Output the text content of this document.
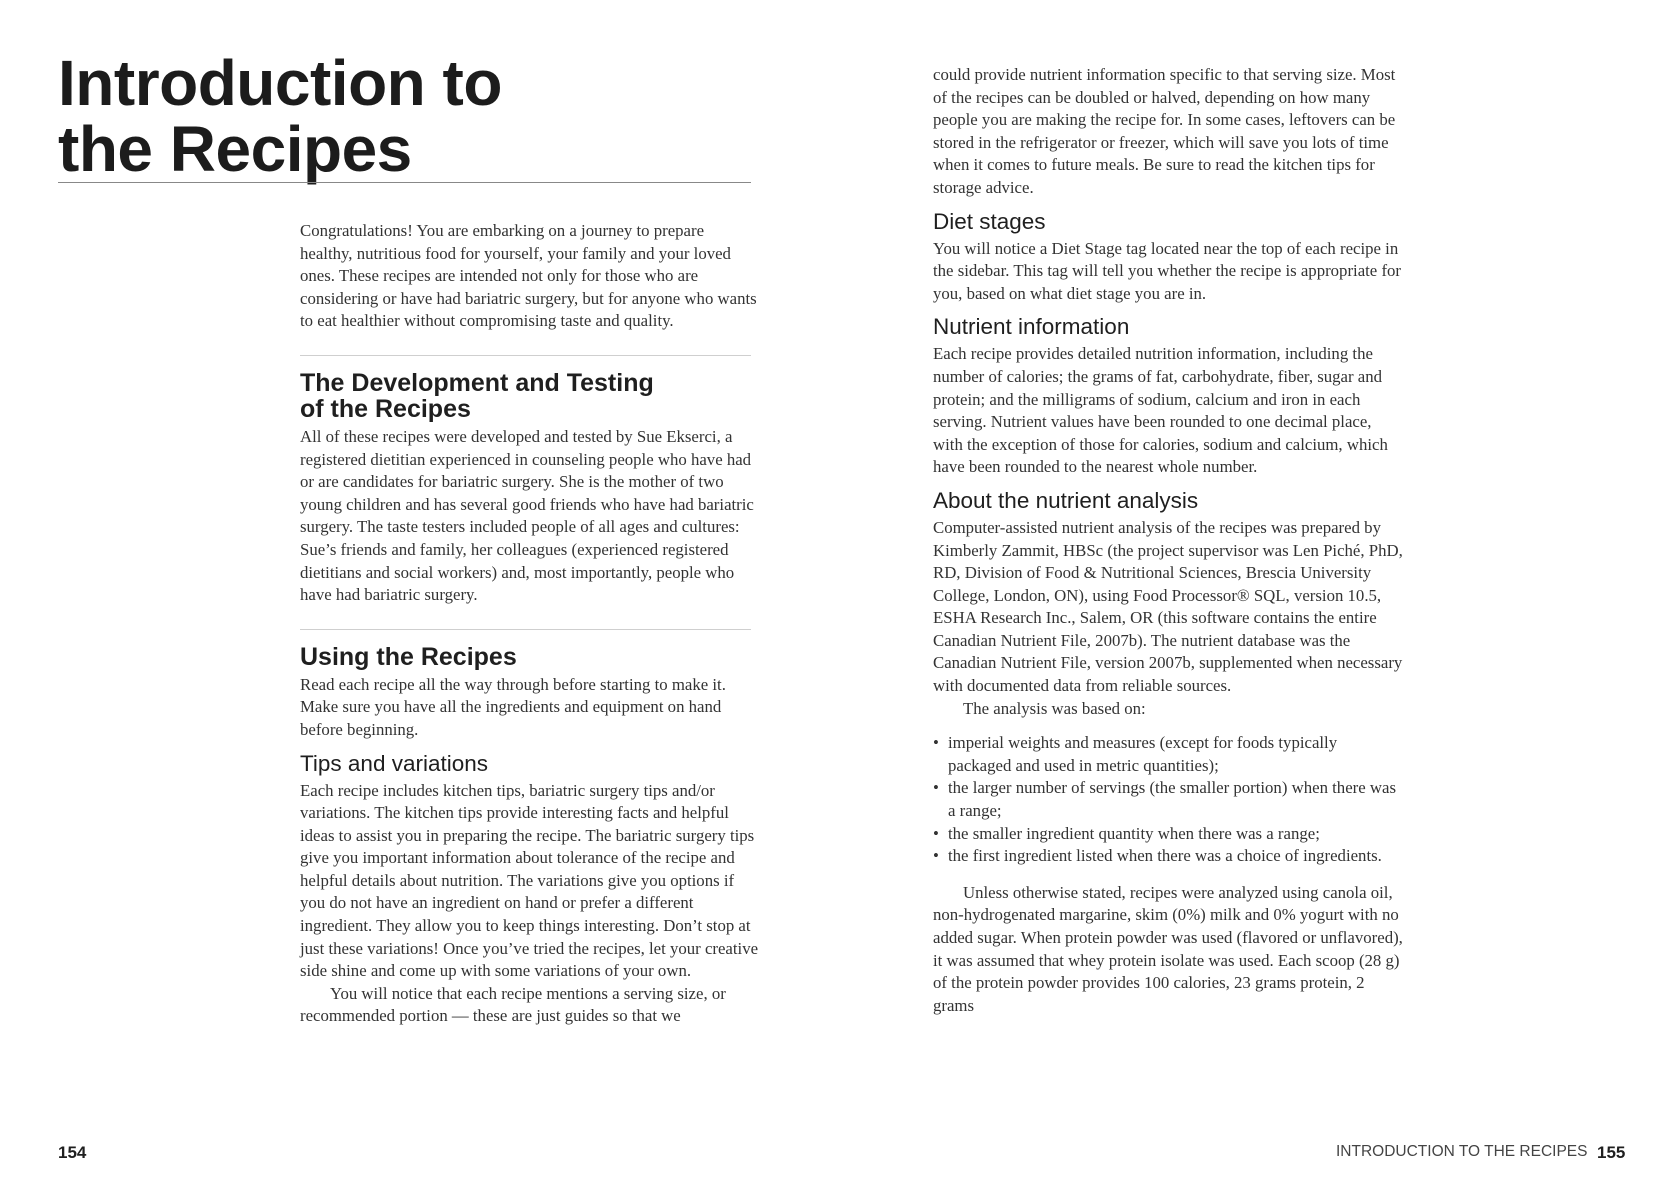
Introduction to
the Recipes

Congratulations! You are embarking on a journey to prepare healthy, nutritious food for yourself, your family and your loved ones. These recipes are intended not only for those who are considering or have had bariatric surgery, but for anyone who wants to eat healthier without compromising taste and quality.

The Development and Testing
of the Recipes

All of these recipes were developed and tested by Sue Ekserci, a registered dietitian experienced in counseling people who have had or are candidates for bariatric surgery. She is the mother of two young children and has several good friends who have had bariatric surgery. The taste testers included people of all ages and cultures: Sue’s friends and family, her colleagues (experienced registered dietitians and social workers) and, most importantly, people who have had bariatric surgery.

Using the Recipes

Read each recipe all the way through before starting to make it. Make sure you have all the ingredients and equipment on hand before beginning.

Tips and variations

Each recipe includes kitchen tips, bariatric surgery tips and/or variations. The kitchen tips provide interesting facts and helpful ideas to assist you in preparing the recipe. The bariatric surgery tips give you important information about tolerance of the recipe and helpful details about nutrition. The variations give you options if you do not have an ingredient on hand or prefer a different ingredient. They allow you to keep things interesting. Don’t stop at just these variations! Once you’ve tried the recipes, let your creative side shine and come up with some variations of your own.

You will notice that each recipe mentions a serving size, or recommended portion — these are just guides so that we

could provide nutrient information specific to that serving size. Most of the recipes can be doubled or halved, depending on how many people you are making the recipe for. In some cases, leftovers can be stored in the refrigerator or freezer, which will save you lots of time when it comes to future meals. Be sure to read the kitchen tips for storage advice.

Diet stages

You will notice a Diet Stage tag located near the top of each recipe in the sidebar. This tag will tell you whether the recipe is appropriate for you, based on what diet stage you are in.

Nutrient information

Each recipe provides detailed nutrition information, including the number of calories; the grams of fat, carbohydrate, fiber, sugar and protein; and the milligrams of sodium, calcium and iron in each serving. Nutrient values have been rounded to one decimal place, with the exception of those for calories, sodium and calcium, which have been rounded to the nearest whole number.

About the nutrient analysis

Computer-assisted nutrient analysis of the recipes was prepared by Kimberly Zammit, HBSc (the project supervisor was Len Piché, PhD, RD, Division of Food & Nutritional Sciences, Brescia University College, London, ON), using Food Processor® SQL, version 10.5, ESHA Research Inc., Salem, OR (this software contains the entire Canadian Nutrient File, 2007b). The nutrient database was the Canadian Nutrient File, version 2007b, supplemented when necessary with documented data from reliable sources.

The analysis was based on:

• imperial weights and measures (except for foods typically packaged and used in metric quantities);
• the larger number of servings (the smaller portion) when there was a range;
• the smaller ingredient quantity when there was a range;
• the first ingredient listed when there was a choice of ingredients.

Unless otherwise stated, recipes were analyzed using canola oil, non-hydrogenated margarine, skim (0%) milk and 0% yogurt with no added sugar. When protein powder was used (flavored or unflavored), it was assumed that whey protein isolate was used. Each scoop (28 g) of the protein powder provides 100 calories, 23 grams protein, 2 grams

154	INTRODUCTION TO THE RECIPES 155
